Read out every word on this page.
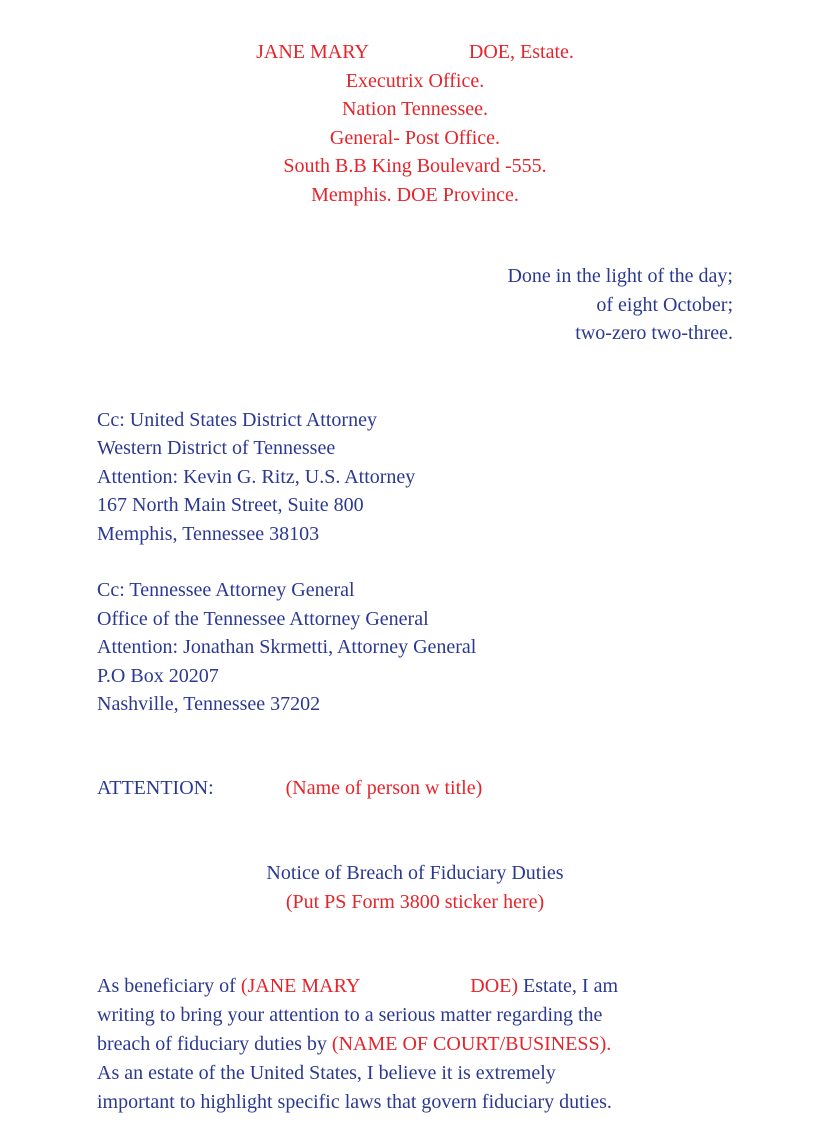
JANE MARY                    DOE, Estate.
Executrix Office.
Nation Tennessee.
General- Post Office.
South B.B King Boulevard -555.
Memphis. DOE Province.
Done in the light of the day;
of eight October;
two-zero two-three.
Cc: United States District Attorney
Western District of Tennessee
Attention: Kevin G. Ritz, U.S. Attorney
167 North Main Street, Suite 800
Memphis, Tennessee 38103
Cc: Tennessee Attorney General
Office of the Tennessee Attorney General
Attention: Jonathan Skrmetti, Attorney General
P.O Box 20207
Nashville, Tennessee 37202
ATTENTION:	(Name of person w title)
Notice of Breach of Fiduciary Duties
(Put PS Form 3800 sticker here)
As beneficiary of (JANE MARY                      DOE) Estate, I am
writing to bring your attention to a serious matter regarding the
breach of fiduciary duties by (NAME OF COURT/BUSINESS).
As an estate of the United States, I believe it is extremely
important to highlight specific laws that govern fiduciary duties.
